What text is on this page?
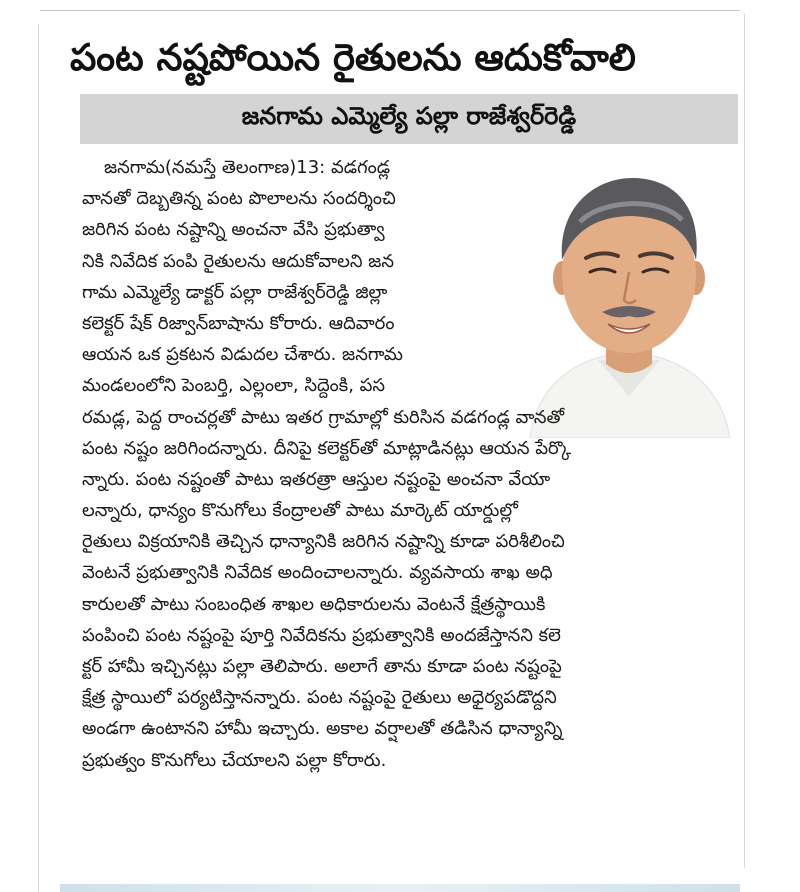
పంట నష్టపోయిన రైతులను ఆదుకోవాలి
జనగామ ఎమ్మెల్యే పల్లా రాజేశ్వర్‌రెడ్డి
జనగామ(నమస్తే తెలంగాణ)13: వడగండ్ల
వానతో దెబ్బతిన్న పంట పొలాలను సందర్శించి
జరిగిన పంట నష్టాన్ని అంచనా వేసి ప్రభుత్వా
నికి నివేదిక పంపి రైతులను ఆదుకోవాలని జన
గామ ఎమ్మెల్యే డాక్టర్ పల్లా రాజేశ్వర్‌రెడ్డి జిల్లా
కలెక్టర్ షేక్ రిజ్వాన్‌బాషాను కోరారు. ఆదివారం
ఆయన ఒక ప్రకటన విడుదల చేశారు. జనగామ
మండలంలోని పెంబర్తి, ఎల్లంలా, సిద్దెంకి, పస
రమడ్ల, పెద్ద రాంచర్లతో పాటు ఇతర గ్రామాల్లో కురిసిన వడగండ్ల వానతో
పంట నష్టం జరిగిందన్నారు. దీనిపై కలెక్టర్‌తో మాట్లాడినట్లు ఆయన పేర్కొ
న్నారు. పంట నష్టంతో పాటు ఇతరత్రా ఆస్తుల నష్టంపై అంచనా వేయా
లన్నారు, ధాన్యం కొనుగోలు కేంద్రాలతో పాటు మార్కెట్ యార్డుల్లో
రైతులు విక్రయానికి తెచ్చిన ధాన్యానికి జరిగిన నష్టాన్ని కూడా పరిశీలించి
వెంటనే ప్రభుత్వానికి నివేదిక అందించాలన్నారు. వ్యవసాయ శాఖ అధి
కారులతో పాటు సంబంధిత శాఖల అధికారులను వెంటనే క్షేత్రస్థాయికి
పంపించి పంట నష్టంపై పూర్తి నివేదికను ప్రభుత్వానికి అందజేస్తానని కలె
క్టర్ హామీ ఇచ్చినట్లు పల్లా తెలిపారు. అలాగే తాను కూడా పంట నష్టంపై
క్షేత్ర స్థాయిలో పర్యటిస్తానన్నారు. పంట నష్టంపై రైతులు అధైర్యపడొద్దని
అండగా ఉంటానని హామీ ఇచ్చారు. అకాల వర్షాలతో తడిసిన ధాన్యాన్ని
ప్రభుత్వం కొనుగోలు చేయాలని పల్లా కోరారు.
